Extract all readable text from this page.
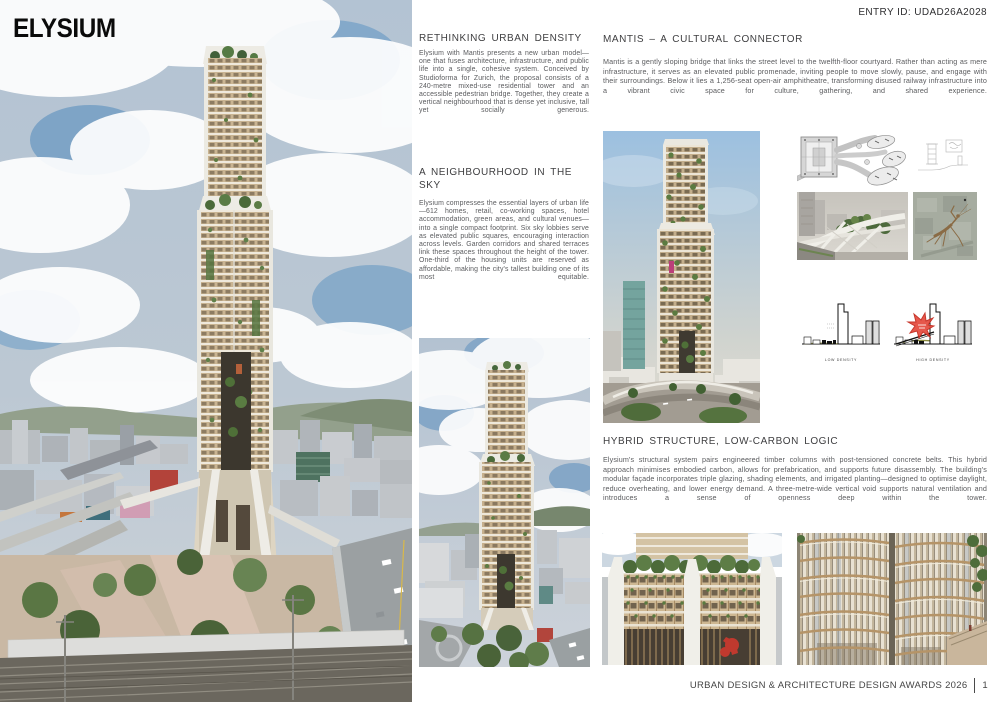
ELYSIUM
ENTRY ID: UDAD26A2028
RETHINKING URBAN DENSITY

Elysium with Mantis presents a new urban model—one that fuses architecture, infrastructure, and public life into a single, cohesive system. Conceived by Studioforma for Zurich, the proposal consists of a 240-metre mixed-use residential tower and an accessible pedestrian bridge. Together, they create a vertical neighbourhood that is dense yet inclusive, tall yet socially generous.

A NEIGHBOURHOOD IN THE SKY

Elysium compresses the essential layers of urban life—612 homes, retail, co-working spaces, hotel accommodation, green areas, and cultural venues—into a single compact footprint. Six sky lobbies serve as elevated public squares, encouraging interaction across levels. Garden corridors and shared terraces link these spaces throughout the height of the tower. One-third of the housing units are reserved as affordable, making the city's tallest building one of its most equitable.

MANTIS – A CULTURAL CONNECTOR

Mantis is a gently sloping bridge that links the street level to the twelfth-floor courtyard. Rather than acting as mere infrastructure, it serves as an elevated public promenade, inviting people to move slowly, pause, and engage with their surroundings. Below it lies a 1,256-seat open-air amphitheatre, transforming disused railway infrastructure into a vibrant civic space for culture, gathering, and shared experience.

LOW DENSITY	HIGH DENSITY
HYBRID STRUCTURE, LOW-CARBON LOGIC

Elysium's structural system pairs engineered timber columns with post-tensioned concrete belts. This hybrid approach minimises embodied carbon, allows for prefabrication, and supports future disassembly. The building's modular façade incorporates triple glazing, shading elements, and irrigated planting—designed to optimise daylight, reduce overheating, and lower energy demand. A three-metre-wide vertical void supports natural ventilation and introduces a sense of openness deep within the tower.

URBAN DESIGN & ARCHITECTURE DESIGN AWARDS 2026 1
